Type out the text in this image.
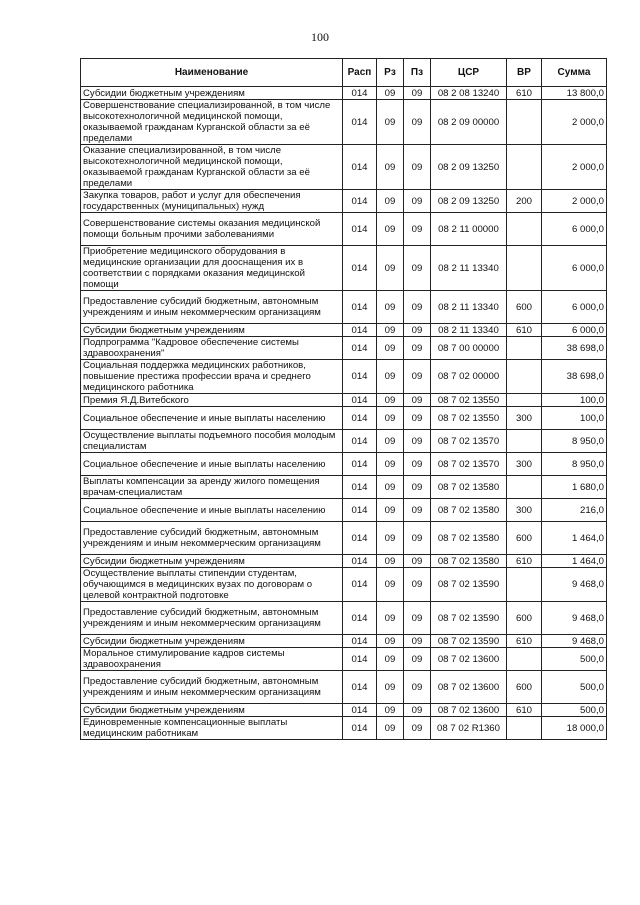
100
Наименование	Расп	Рз	Пз	ЦСР	ВР	Сумма
Субсидии бюджетным учреждениям	014	09	09	08 2 08 13240	610	13 800,0
Совершенствование специализированной, в том числе высокотехнологичной медицинской помощи, оказываемой гражданам Курганской области за её пределами	014	09	09	08 2 09 00000		2 000,0
Оказание специализированной, в том числе высокотехнологичной медицинской помощи, оказываемой гражданам Курганской области за её пределами	014	09	09	08 2 09 13250		2 000,0
Закупка товаров, работ и услуг для обеспечения государственных (муниципальных) нужд	014	09	09	08 2 09 13250	200	2 000,0
Совершенствование системы оказания медицинской помощи больным прочими заболеваниями	014	09	09	08 2 11 00000		6 000,0
Приобретение медицинского оборудования в медицинские организации для дооснащения их в соответствии с порядками оказания медицинской помощи	014	09	09	08 2 11 13340		6 000,0
Предоставление субсидий бюджетным, автономным учреждениям и иным некоммерческим организациям	014	09	09	08 2 11 13340	600	6 000,0
Субсидии бюджетным учреждениям	014	09	09	08 2 11 13340	610	6 000,0
Подпрограмма "Кадровое обеспечение системы здравоохранения"	014	09	09	08 7 00 00000		38 698,0
Социальная поддержка медицинских работников, повышение престижа профессии врача и среднего медицинского работника	014	09	09	08 7 02 00000		38 698,0
Премия Я.Д.Витебского	014	09	09	08 7 02 13550		100,0
Социальное обеспечение и иные выплаты населению	014	09	09	08 7 02 13550	300	100,0
Осуществление выплаты подъемного пособия молодым специалистам	014	09	09	08 7 02 13570		8 950,0
Социальное обеспечение и иные выплаты населению	014	09	09	08 7 02 13570	300	8 950,0
Выплаты компенсации за аренду жилого помещения врачам-специалистам	014	09	09	08 7 02 13580		1 680,0
Социальное обеспечение и иные выплаты населению	014	09	09	08 7 02 13580	300	216,0
Предоставление субсидий бюджетным, автономным учреждениям и иным некоммерческим организациям	014	09	09	08 7 02 13580	600	1 464,0
Субсидии бюджетным учреждениям	014	09	09	08 7 02 13580	610	1 464,0
Осуществление выплаты стипендии студентам, обучающимся в медицинских вузах по договорам о целевой контрактной подготовке	014	09	09	08 7 02 13590		9 468,0
Предоставление субсидий бюджетным, автономным учреждениям и иным некоммерческим организациям	014	09	09	08 7 02 13590	600	9 468,0
Субсидии бюджетным учреждениям	014	09	09	08 7 02 13590	610	9 468,0
Моральное стимулирование кадров системы здравоохранения	014	09	09	08 7 02 13600		500,0
Предоставление субсидий бюджетным, автономным учреждениям и иным некоммерческим организациям	014	09	09	08 7 02 13600	600	500,0
Субсидии бюджетным учреждениям	014	09	09	08 7 02 13600	610	500,0
Единовременные компенсационные выплаты медицинским работникам	014	09	09	08 7 02 R1360		18 000,0
